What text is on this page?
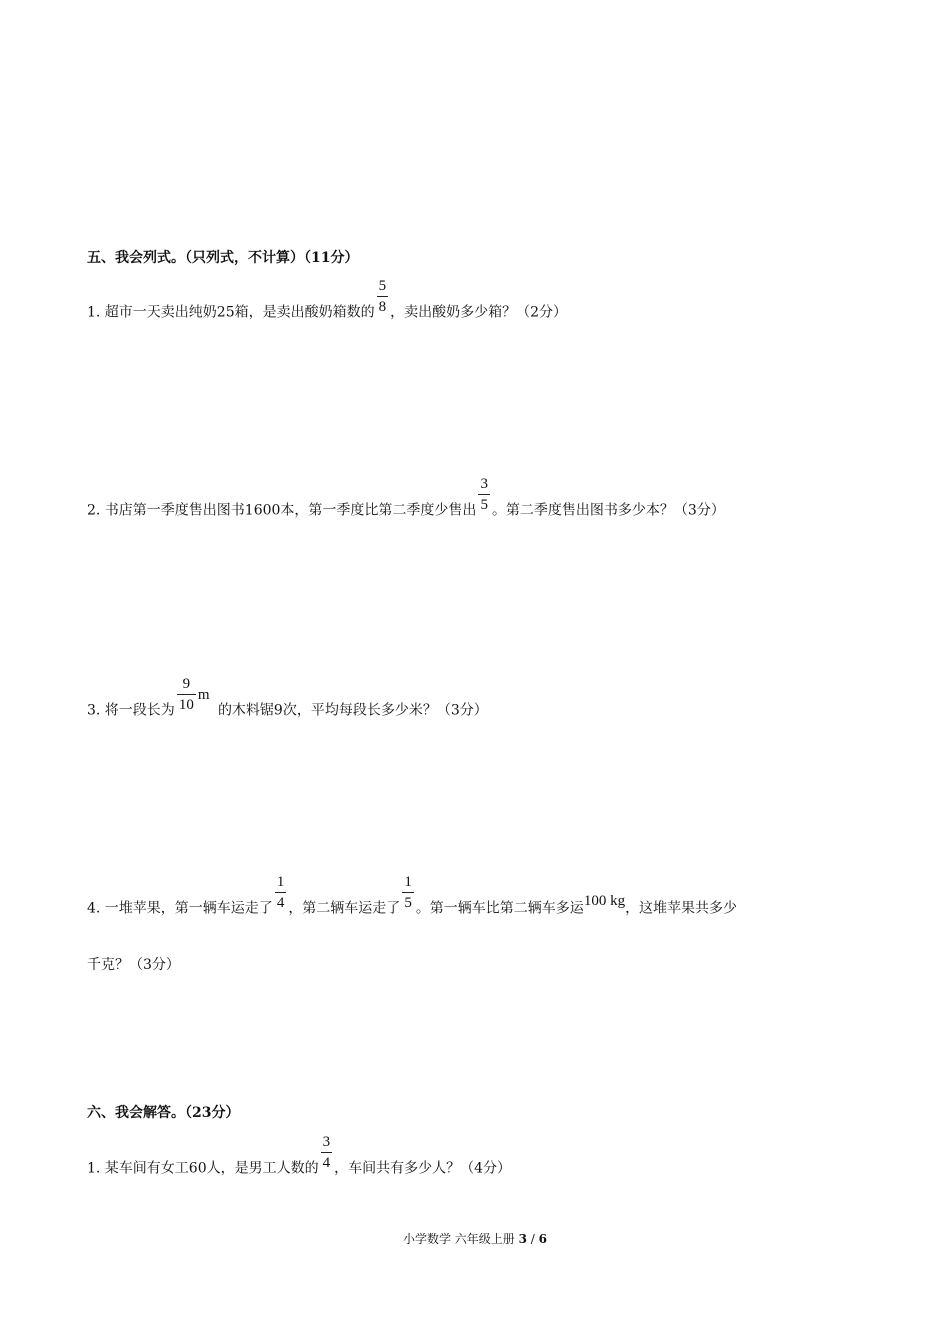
五、我会列式。（只列式，不计算）（11分）
1. 超市一天卖出纯奶25箱，是卖出酸奶箱数的 $\frac{5}{8}$ ，卖出酸奶多少箱？（2分）
2. 书店第一季度售出图书1600本，第一季度比第二季度少售出 $\frac{3}{5}$ 。第二季度售出图书多少本？（3分）
3. 将一段长为 $\frac{9}{10}$ m 的木料锯9次，平均每段长多少米？（3分）
4. 一堆苹果，第一辆车运走了 $\frac{1}{4}$ ，第二辆车运走了 $\frac{1}{5}$ 。第一辆车比第二辆车多运100 kg，这堆苹果共多少
千克？（3分）
六、我会解答。（23分）
1. 某车间有女工60人，是男工人数的 $\frac{3}{4}$ ，车间共有多少人？（4分）
小学数学 六年级上册 3 / 6
